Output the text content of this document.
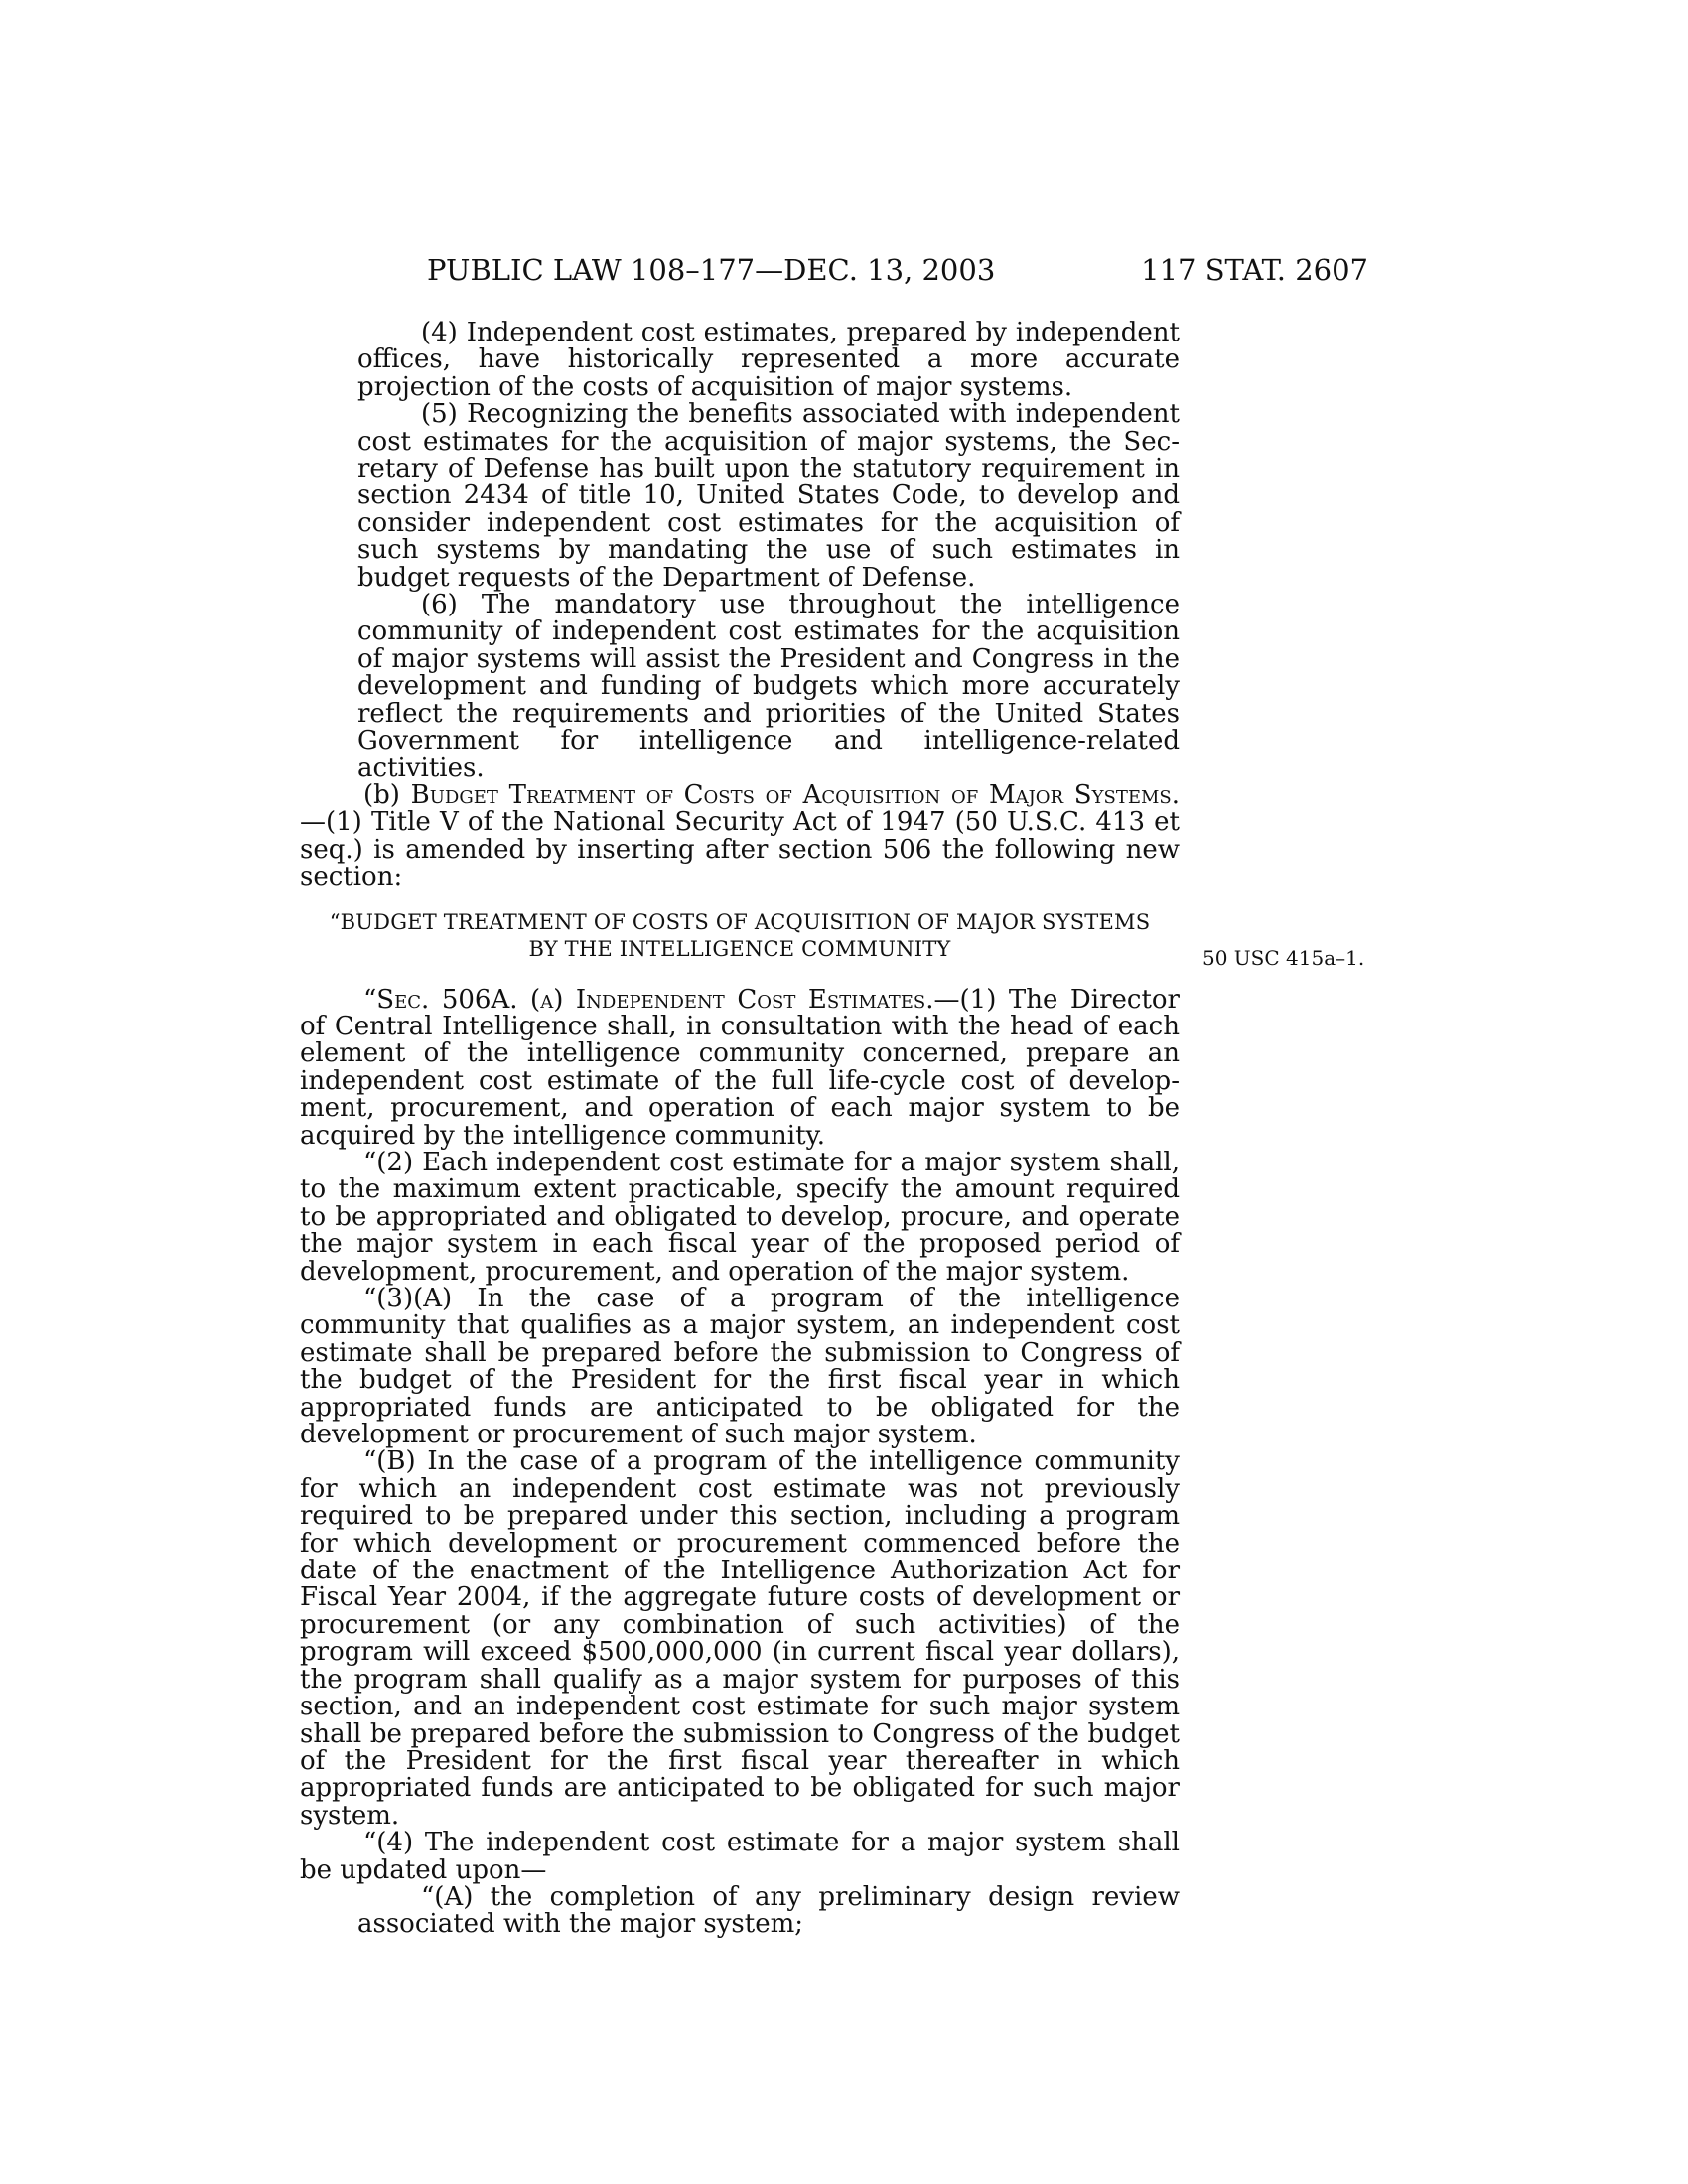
PUBLIC LAW 108–177—DEC. 13, 2003	117 STAT. 2607
50 USC 415a–1.

(4) Independent cost estimates, prepared by independent offices, have historically represented a more accurate projection of the costs of acquisition of major systems.

(5) Recognizing the benefits associated with independent cost estimates for the acquisition of major systems, the Secretary of Defense has built upon the statutory requirement in section 2434 of title 10, United States Code, to develop and consider independent cost estimates for the acquisition of such systems by mandating the use of such estimates in budget requests of the Department of Defense.

(6) The mandatory use throughout the intelligence community of independent cost estimates for the acquisition of major systems will assist the President and Congress in the development and funding of budgets which more accurately reflect the requirements and priorities of the United States Government for intelligence and intelligence-related activities.

(b) Budget Treatment of Costs of Acquisition of Major Systems.—(1) Title V of the National Security Act of 1947 (50 U.S.C. 413 et seq.) is amended by inserting after section 506 the following new section:

“BUDGET TREATMENT OF COSTS OF ACQUISITION OF MAJOR SYSTEMS
BY THE INTELLIGENCE COMMUNITY

“Sec. 506A. (a) Independent Cost Estimates.—(1) The Director of Central Intelligence shall, in consultation with the head of each element of the intelligence community concerned, prepare an independent cost estimate of the full life-cycle cost of development, procurement, and operation of each major system to be acquired by the intelligence community.

“(2) Each independent cost estimate for a major system shall, to the maximum extent practicable, specify the amount required to be appropriated and obligated to develop, procure, and operate the major system in each fiscal year of the proposed period of development, procurement, and operation of the major system.

“(3)(A) In the case of a program of the intelligence community that qualifies as a major system, an independent cost estimate shall be prepared before the submission to Congress of the budget of the President for the first fiscal year in which appropriated funds are anticipated to be obligated for the development or procurement of such major system.

“(B) In the case of a program of the intelligence community for which an independent cost estimate was not previously required to be prepared under this section, including a program for which development or procurement commenced before the date of the enactment of the Intelligence Authorization Act for Fiscal Year 2004, if the aggregate future costs of development or procurement (or any combination of such activities) of the program will exceed $500,000,000 (in current fiscal year dollars), the program shall qualify as a major system for purposes of this section, and an independent cost estimate for such major system shall be prepared before the submission to Congress of the budget of the President for the first fiscal year thereafter in which appropriated funds are anticipated to be obligated for such major system.

“(4) The independent cost estimate for a major system shall be updated upon—

“(A) the completion of any preliminary design review associated with the major system;
